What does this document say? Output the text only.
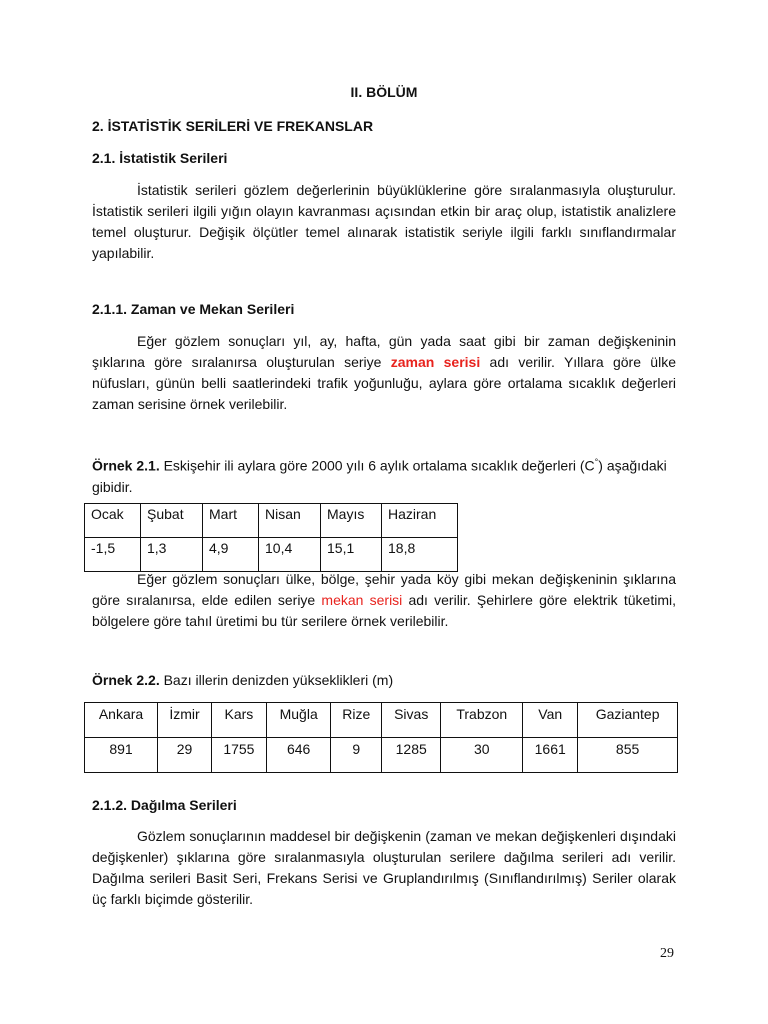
II. BÖLÜM
2. İSTATİSTİK SERİLERİ VE FREKANSLAR
2.1. İstatistik Serileri

İstatistik serileri gözlem değerlerinin büyüklüklerine göre sıralanmasıyla oluşturulur. İstatistik serileri ilgili yığın olayın kavranması açısından etkin bir araç olup, istatistik analizlere temel oluşturur. Değişik ölçütler temel alınarak istatistik seriyle ilgili farklı sınıflandırmalar yapılabilir.

2.1.1. Zaman ve Mekan Serileri

Eğer gözlem sonuçları yıl, ay, hafta, gün yada saat gibi bir zaman değişkeninin şıklarına göre sıralanırsa oluşturulan seriye zaman serisi adı verilir. Yıllara göre ülke nüfusları, günün belli saatlerindeki trafik yoğunluğu, aylara göre ortalama sıcaklık değerleri zaman serisine örnek verilebilir.

Örnek 2.1. Eskişehir ili aylara göre 2000 yılı 6 aylık ortalama sıcaklık değerleri (C°) aşağıdaki gibidir.
Ocak	Şubat	Mart	Nisan	Mayıs	Haziran
-1,5	1,3	4,9	10,4	15,1	18,8

Eğer gözlem sonuçları ülke, bölge, şehir yada köy gibi mekan değişkeninin şıklarına göre sıralanırsa, elde edilen seriye mekan serisi adı verilir. Şehirlere göre elektrik tüketimi, bölgelere göre tahıl üretimi bu tür serilere örnek verilebilir.

Örnek 2.2. Bazı illerin denizden yükseklikleri (m)
Ankara	İzmir	Kars	Muğla	Rize	Sivas	Trabzon	Van	Gaziantep
891	29	1755	646	9	1285	30	1661	855
2.1.2. Dağılma Serileri

Gözlem sonuçlarının maddesel bir değişkenin (zaman ve mekan değişkenleri dışındaki değişkenler) şıklarına göre sıralanmasıyla oluşturulan serilere dağılma serileri adı verilir. Dağılma serileri Basit Seri, Frekans Serisi ve Gruplandırılmış (Sınıflandırılmış) Seriler olarak üç farklı biçimde gösterilir.

29
